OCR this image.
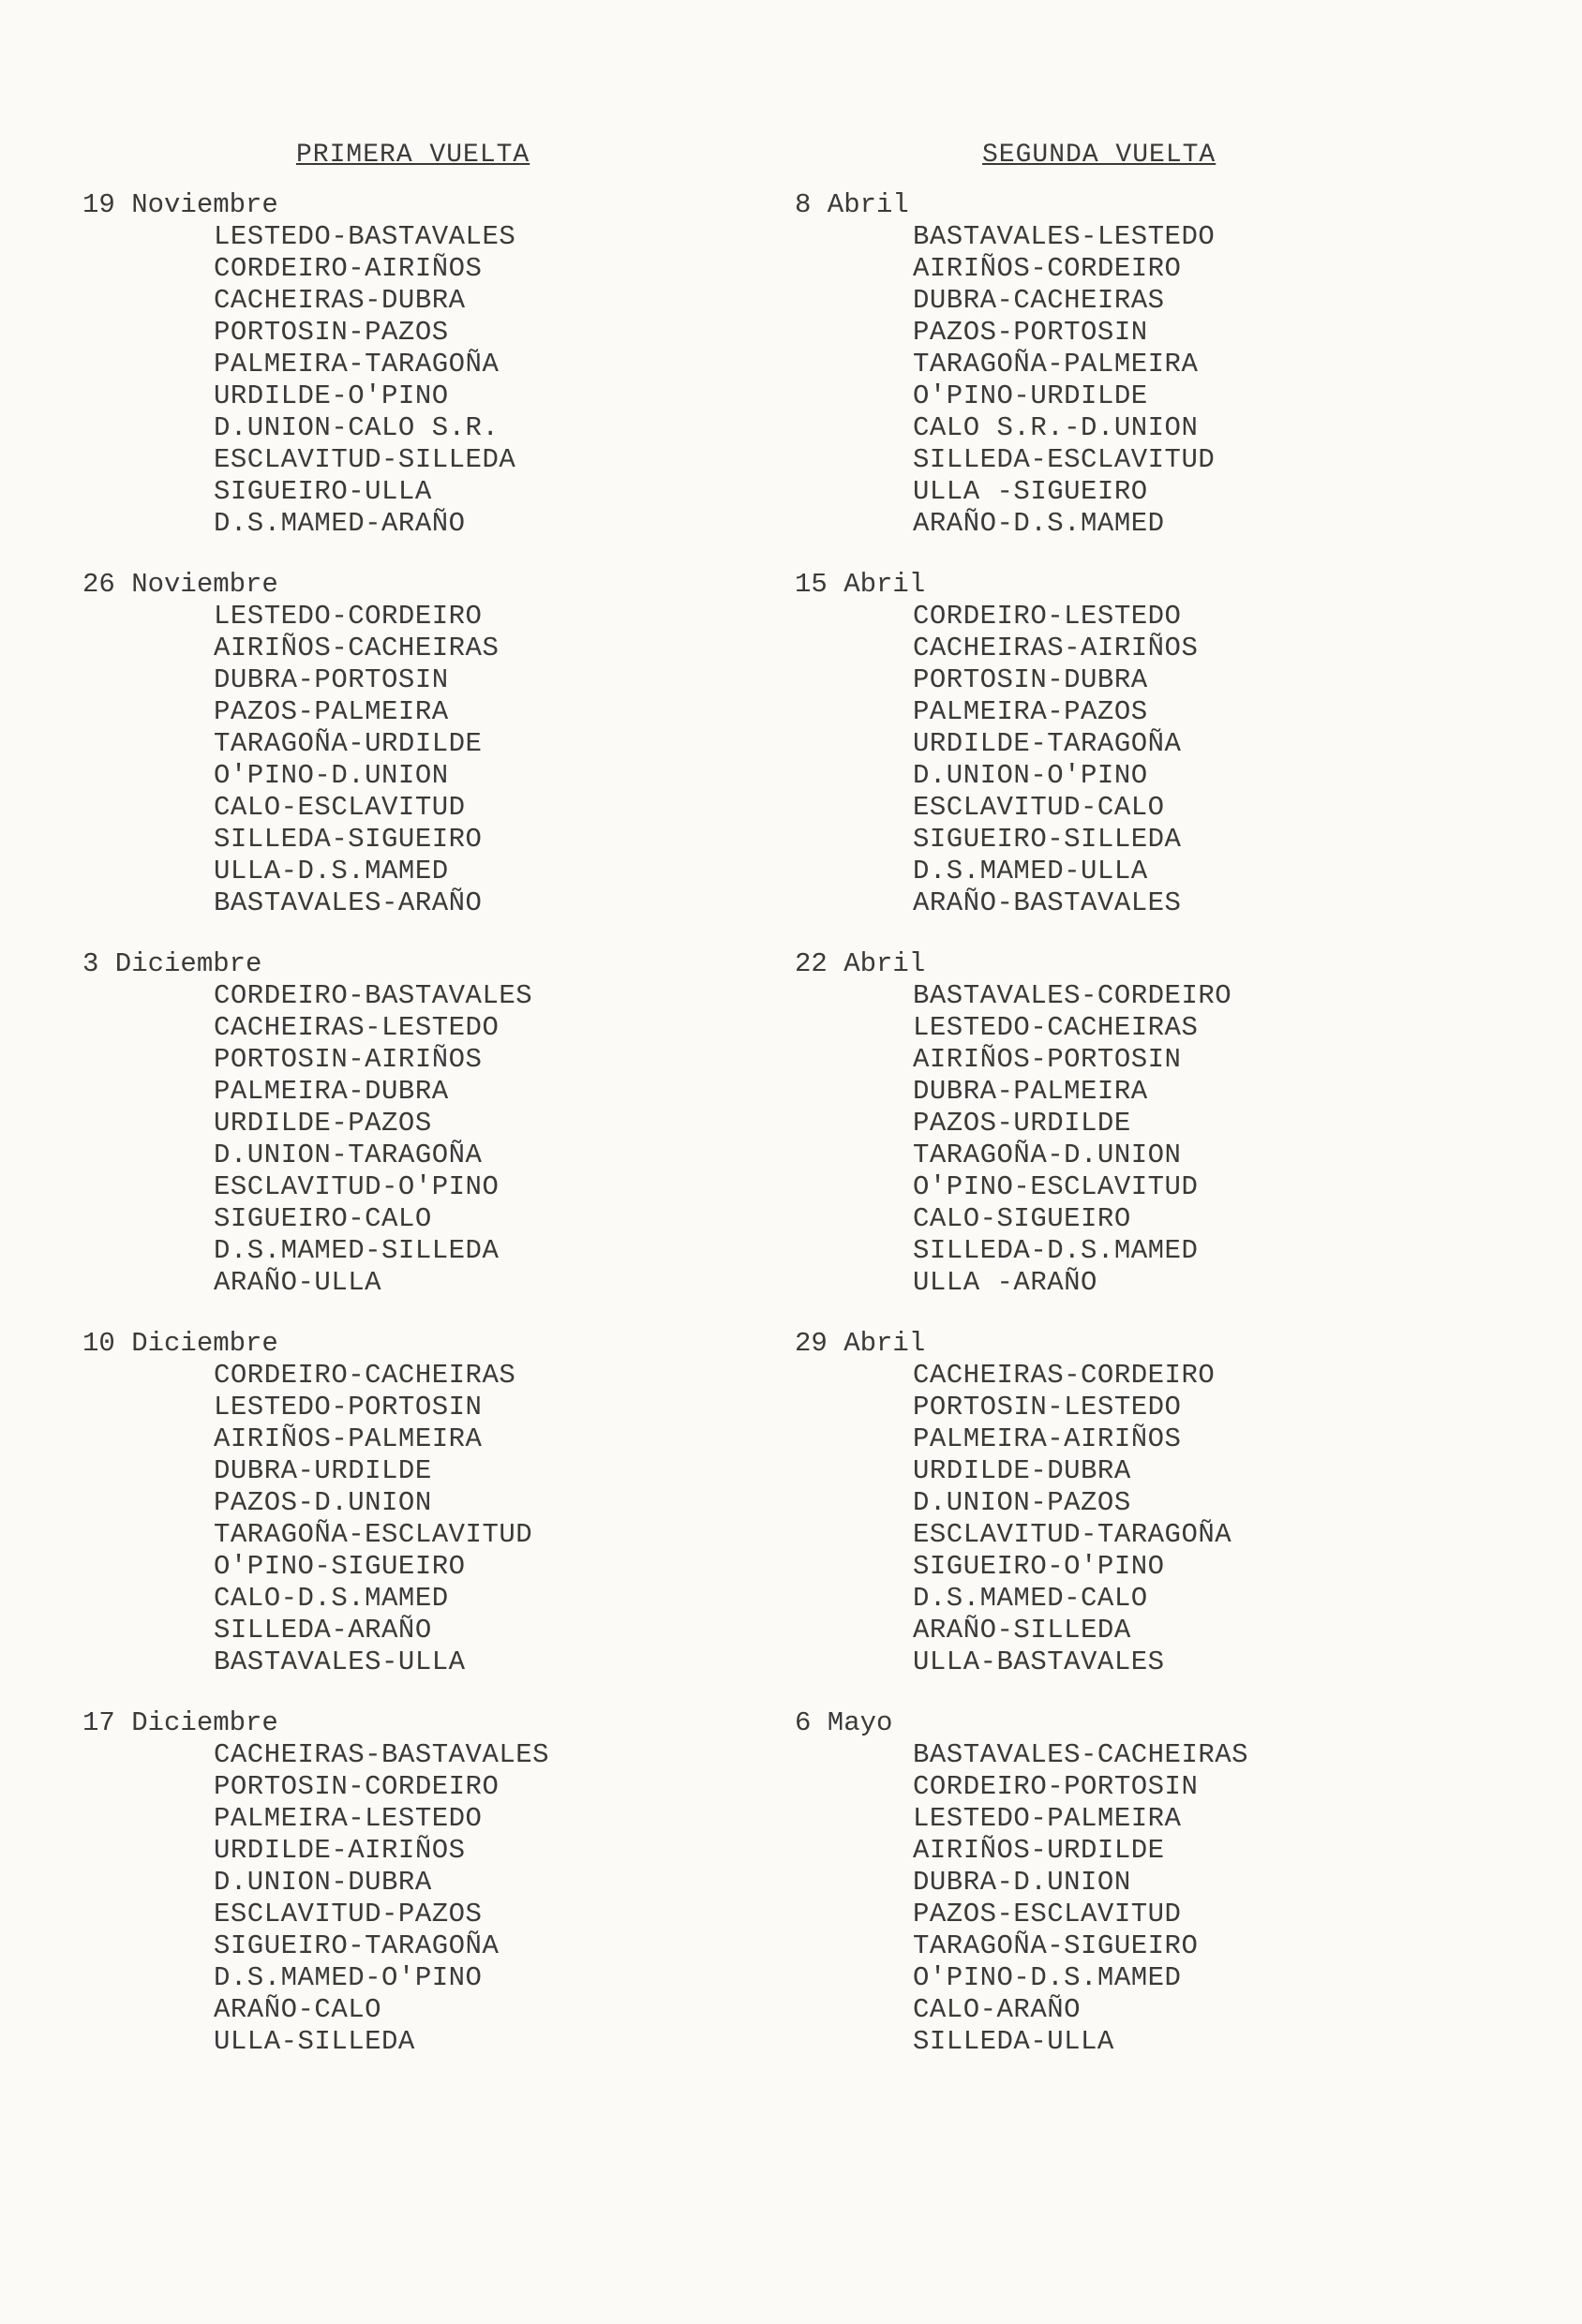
PRIMERA VUELTA
19 Noviembre
LESTEDO-BASTAVALES
CORDEIRO-AIRIÑOS
CACHEIRAS-DUBRA
PORTOSIN-PAZOS
PALMEIRA-TARAGOÑA
URDILDE-O'PINO
D.UNION-CALO S.R.
ESCLAVITUD-SILLEDA
SIGUEIRO-ULLA
D.S.MAMED-ARAÑO
26 Noviembre
LESTEDO-CORDEIRO
AIRIÑOS-CACHEIRAS
DUBRA-PORTOSIN
PAZOS-PALMEIRA
TARAGOÑA-URDILDE
O'PINO-D.UNION
CALO-ESCLAVITUD
SILLEDA-SIGUEIRO
ULLA-D.S.MAMED
BASTAVALES-ARAÑO
3 Diciembre
CORDEIRO-BASTAVALES
CACHEIRAS-LESTEDO
PORTOSIN-AIRIÑOS
PALMEIRA-DUBRA
URDILDE-PAZOS
D.UNION-TARAGOÑA
ESCLAVITUD-O'PINO
SIGUEIRO-CALO
D.S.MAMED-SILLEDA
ARAÑO-ULLA
10 Diciembre
CORDEIRO-CACHEIRAS
LESTEDO-PORTOSIN
AIRIÑOS-PALMEIRA
DUBRA-URDILDE
PAZOS-D.UNION
TARAGOÑA-ESCLAVITUD
O'PINO-SIGUEIRO
CALO-D.S.MAMED
SILLEDA-ARAÑO
BASTAVALES-ULLA
17 Diciembre
CACHEIRAS-BASTAVALES
PORTOSIN-CORDEIRO
PALMEIRA-LESTEDO
URDILDE-AIRIÑOS
D.UNION-DUBRA
ESCLAVITUD-PAZOS
SIGUEIRO-TARAGOÑA
D.S.MAMED-O'PINO
ARAÑO-CALO
ULLA-SILLEDA
SEGUNDA VUELTA
8 Abril
BASTAVALES-LESTEDO
AIRIÑOS-CORDEIRO
DUBRA-CACHEIRAS
PAZOS-PORTOSIN
TARAGOÑA-PALMEIRA
O'PINO-URDILDE
CALO S.R.-D.UNION
SILLEDA-ESCLAVITUD
ULLA -SIGUEIRO
ARAÑO-D.S.MAMED
15 Abril
CORDEIRO-LESTEDO
CACHEIRAS-AIRIÑOS
PORTOSIN-DUBRA
PALMEIRA-PAZOS
URDILDE-TARAGOÑA
D.UNION-O'PINO
ESCLAVITUD-CALO
SIGUEIRO-SILLEDA
D.S.MAMED-ULLA
ARAÑO-BASTAVALES
22 Abril
BASTAVALES-CORDEIRO
LESTEDO-CACHEIRAS
AIRIÑOS-PORTOSIN
DUBRA-PALMEIRA
PAZOS-URDILDE
TARAGOÑA-D.UNION
O'PINO-ESCLAVITUD
CALO-SIGUEIRO
SILLEDA-D.S.MAMED
ULLA -ARAÑO
29 Abril
CACHEIRAS-CORDEIRO
PORTOSIN-LESTEDO
PALMEIRA-AIRIÑOS
URDILDE-DUBRA
D.UNION-PAZOS
ESCLAVITUD-TARAGOÑA
SIGUEIRO-O'PINO
D.S.MAMED-CALO
ARAÑO-SILLEDA
ULLA-BASTAVALES
6 Mayo
BASTAVALES-CACHEIRAS
CORDEIRO-PORTOSIN
LESTEDO-PALMEIRA
AIRIÑOS-URDILDE
DUBRA-D.UNION
PAZOS-ESCLAVITUD
TARAGOÑA-SIGUEIRO
O'PINO-D.S.MAMED
CALO-ARAÑO
SILLEDA-ULLA
